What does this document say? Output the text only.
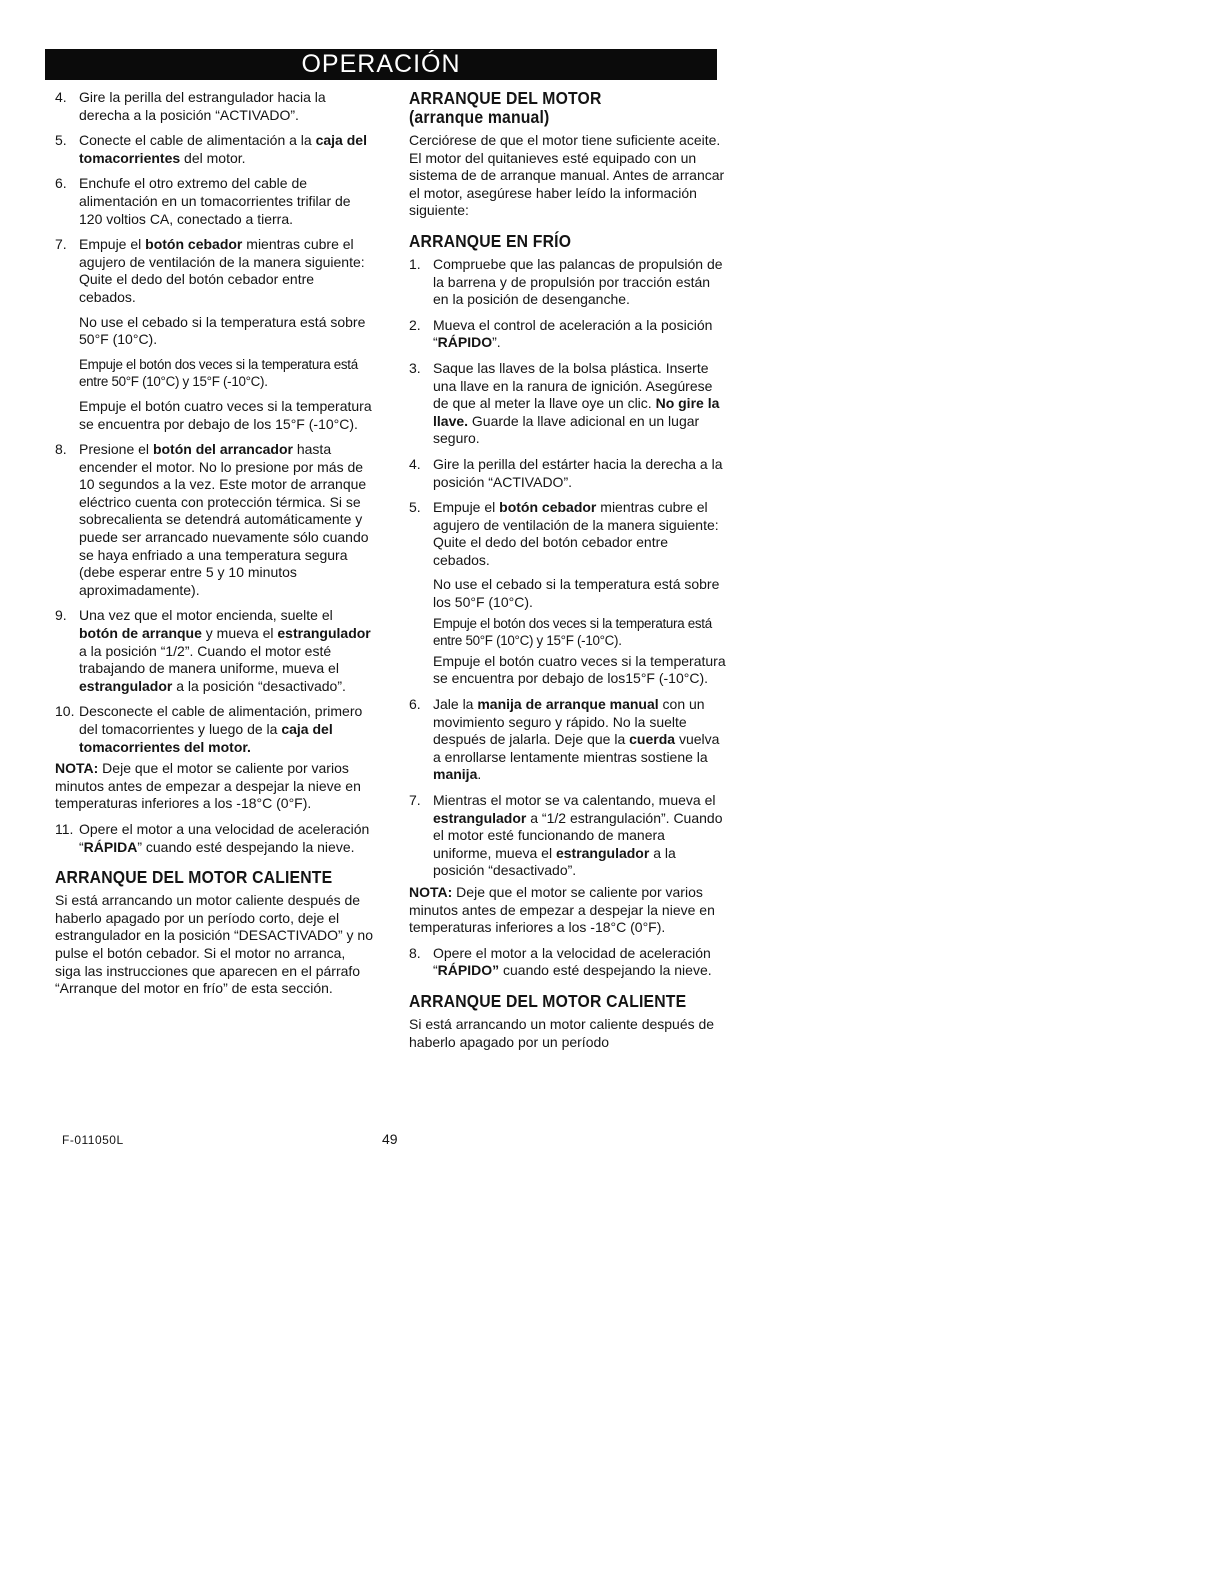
OPERACIÓN
4. Gire la perilla del estrangulador hacia la derecha a la posición “ACTIVADO”.
5. Conecte el cable de alimentación a la caja del tomacorrientes del motor.
6. Enchufe el otro extremo del cable de alimentación en un tomacorrientes trifilar de 120 voltios CA, conectado a tierra.
7. Empuje el botón cebador mientras cubre el agujero de ventilación de la manera siguiente: Quite el dedo del botón cebador entre cebados.
No use el cebado si la temperatura está sobre 50°F (10°C).
Empuje el botón dos veces si la temperatura está entre 50°F (10°C) y 15°F (-10°C).
Empuje el botón cuatro veces si la temperatura se encuentra por debajo de los 15°F (-10°C).
8. Presione el botón del arrancador hasta encender el motor. No lo presione por más de 10 segundos a la vez. Este motor de arranque eléctrico cuenta con protección térmica. Si se sobrecalienta se detendrá automáticamente y puede ser arrancado nuevamente sólo cuando se haya enfriado a una temperatura segura (debe esperar entre 5 y 10 minutos aproximadamente).
9. Una vez que el motor encienda, suelte el botón de arranque y mueva el estrangulador a la posición “1/2”. Cuando el motor esté trabajando de manera uniforme, mueva el estrangulador a la posición “desactivado”.
10. Desconecte el cable de alimentación, primero del tomacorrientes y luego de la caja del tomacorrientes del motor.
NOTA: Deje que el motor se caliente por varios minutos antes de empezar a despejar la nieve en temperaturas inferiores a los -18°C (0°F).
11. Opere el motor a una velocidad de aceleración “RÁPIDA” cuando esté despejando la nieve.
ARRANQUE DEL MOTOR CALIENTE
Si está arrancando un motor caliente después de haberlo apagado por un período corto, deje el estrangulador en la posición “DESACTIVADO” y no pulse el botón cebador. Si el motor no arranca, siga las instrucciones que aparecen en el párrafo “Arranque del motor en frío” de esta sección.
ARRANQUE DEL MOTOR
(arranque manual)
Cerciórese de que el motor tiene suficiente aceite. El motor del quitanieves esté equipado con un sistema de de arranque manual. Antes de arrancar el motor, asegúrese haber leído la información siguiente:
ARRANQUE EN FRÍO
1. Compruebe que las palancas de propulsión de la barrena y de propulsión por tracción están en la posición de desenganche.
2. Mueva el control de aceleración a la posición “RÁPIDO”.
3. Saque las llaves de la bolsa plástica. Inserte una llave en la ranura de ignición. Asegúrese de que al meter la llave oye un clic. No gire la llave. Guarde la llave adicional en un lugar seguro.
4. Gire la perilla del estárter hacia la derecha a la posición “ACTIVADO”.
5. Empuje el botón cebador mientras cubre el agujero de ventilación de la manera siguiente: Quite el dedo del botón cebador entre cebados.
No use el cebado si la temperatura está sobre los 50°F (10°C).
Empuje el botón dos veces si la temperatura está entre 50°F (10°C) y 15°F (-10°C).
Empuje el botón cuatro veces si la temperatura se encuentra por debajo de los15°F (-10°C).
6. Jale la manija de arranque manual con un movimiento seguro y rápido. No la suelte después de jalarla. Deje que la cuerda vuelva a enrollarse lentamente mientras sostiene la manija.
7. Mientras el motor se va calentando, mueva el estrangulador a “1/2 estrangulación”. Cuando el motor esté funcionando de manera uniforme, mueva el estrangulador a la posición “desactivado”.
NOTA: Deje que el motor se caliente por varios minutos antes de empezar a despejar la nieve en temperaturas inferiores a los -18°C (0°F).
8. Opere el motor a la velocidad de aceleración “RÁPIDO” cuando esté despejando la nieve.
ARRANQUE DEL MOTOR CALIENTE
Si está arrancando un motor caliente después de haberlo apagado por un período
F-011050L	49
